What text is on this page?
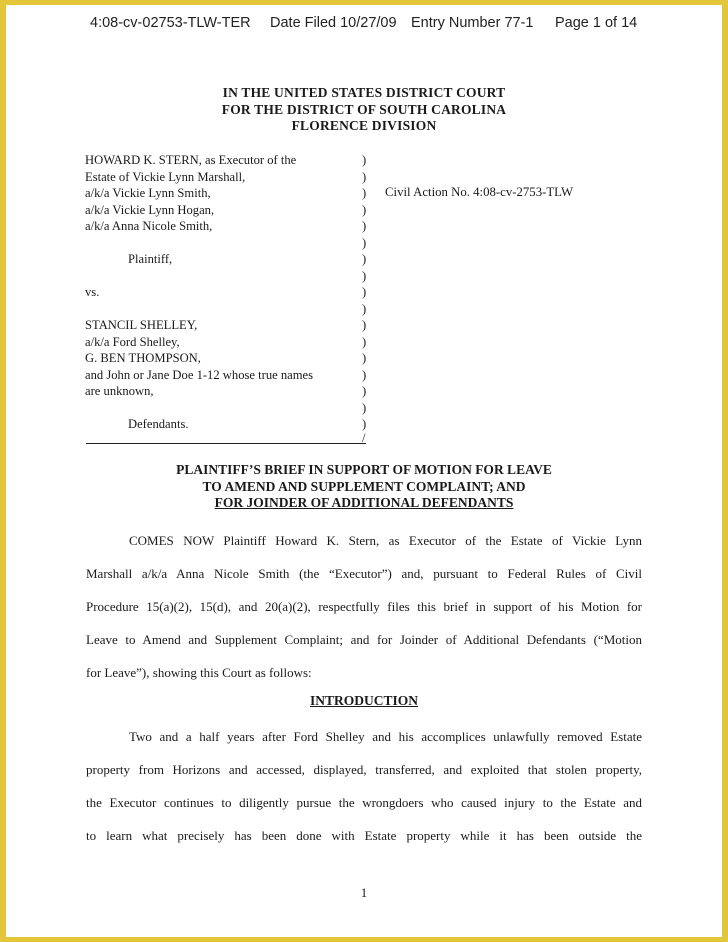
4:08-cv-02753-TLW-TER Date Filed 10/27/09 Entry Number 77-1 Page 1 of 14
IN THE UNITED STATES DISTRICT COURT
FOR THE DISTRICT OF SOUTH CAROLINA
FLORENCE DIVISION
HOWARD K. STERN, as Executor of the
Estate of Vickie Lynn Marshall,
a/k/a Vickie Lynn Smith,
a/k/a Vickie Lynn Hogan,
a/k/a Anna Nicole Smith,
Plaintiff,
vs.
STANCIL SHELLEY,
a/k/a Ford Shelley,
G. BEN THOMPSON,
and John or Jane Doe 1-12 whose true names
are unknown,
Defendants.
)
)
)
)
)
)
)
)
)
)
)
)
)
)
)
)
)
/
Civil Action No. 4:08-cv-2753-TLW
PLAINTIFF’S BRIEF IN SUPPORT OF MOTION FOR LEAVE
TO AMEND AND SUPPLEMENT COMPLAINT; AND
FOR JOINDER OF ADDITIONAL DEFENDANTS
COMES NOW Plaintiff Howard K. Stern, as Executor of the Estate of Vickie Lynn
Marshall a/k/a Anna Nicole Smith (the “Executor”) and, pursuant to Federal Rules of Civil
Procedure 15(a)(2), 15(d), and 20(a)(2), respectfully files this brief in support of his Motion for
Leave to Amend and Supplement Complaint; and for Joinder of Additional Defendants (“Motion
for Leave”), showing this Court as follows:
INTRODUCTION
Two and a half years after Ford Shelley and his accomplices unlawfully removed Estate
property from Horizons and accessed, displayed, transferred, and exploited that stolen property,
the Executor continues to diligently pursue the wrongdoers who caused injury to the Estate and
to learn what precisely has been done with Estate property while it has been outside the
1
